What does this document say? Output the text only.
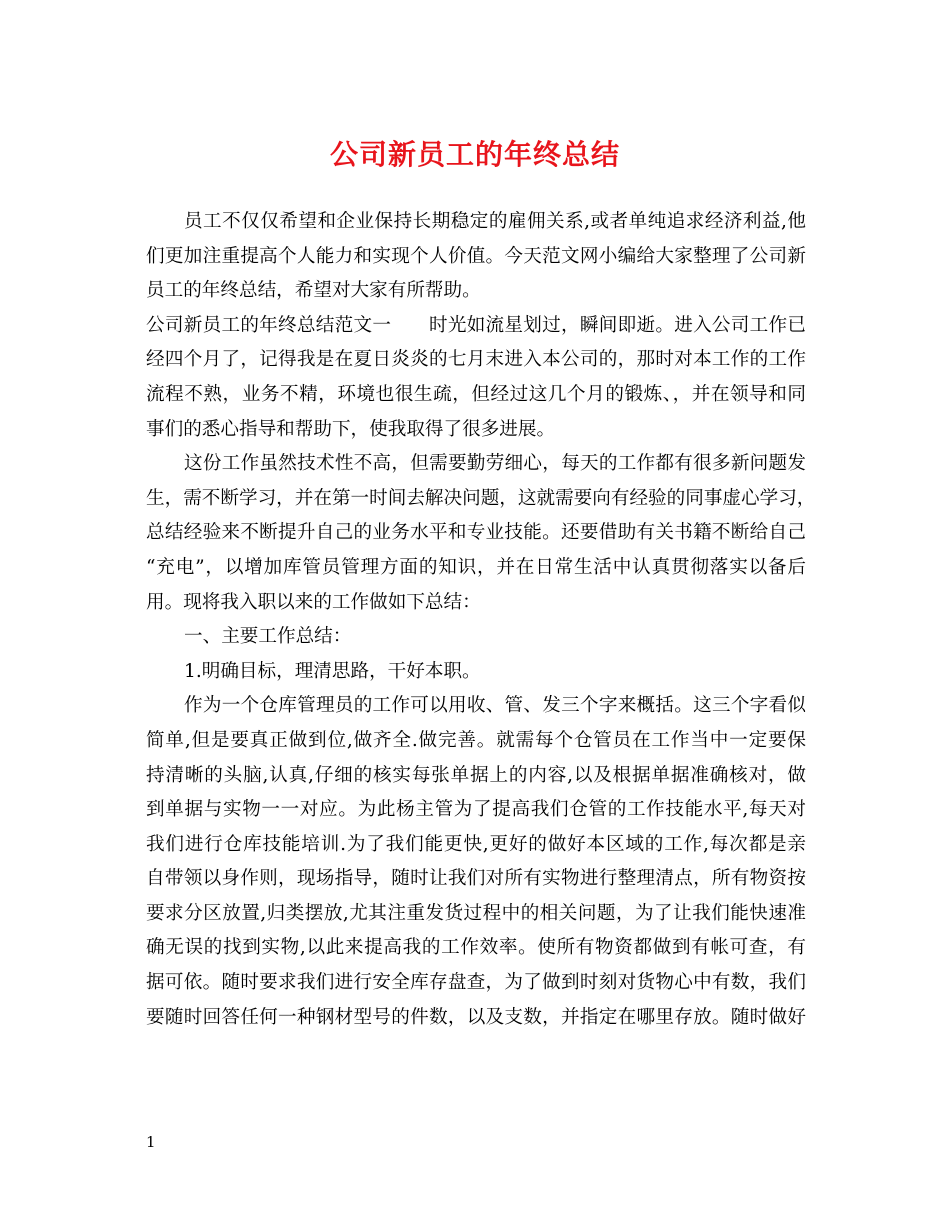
公司新员工的年终总结
员工不仅仅希望和企业保持长期稳定的雇佣关系,或者单纯追求经济利益,他
们更加注重提高个人能力和实现个人价值。今天范文网小编给大家整理了公司新
员工的年终总结，希望对大家有所帮助。
公司新员工的年终总结范文一　　时光如流星划过，瞬间即逝。进入公司工作已
经四个月了，记得我是在夏日炎炎的七月末进入本公司的，那时对本工作的工作
流程不熟，业务不精，环境也很生疏，但经过这几个月的锻炼、，并在领导和同
事们的悉心指导和帮助下，使我取得了很多进展。
这份工作虽然技术性不高，但需要勤劳细心，每天的工作都有很多新问题发
生，需不断学习，并在第一时间去解决问题，这就需要向有经验的同事虚心学习，
总结经验来不断提升自己的业务水平和专业技能。还要借助有关书籍不断给自己
“充电”，以增加库管员管理方面的知识，并在日常生活中认真贯彻落实以备后
用。现将我入职以来的工作做如下总结：
一、主要工作总结：
1.明确目标，理清思路，干好本职。
作为一个仓库管理员的工作可以用收、管、发三个字来概括。这三个字看似
简单,但是要真正做到位,做齐全.做完善。就需每个仓管员在工作当中一定要保
持清晰的头脑,认真,仔细的核实每张单据上的内容,以及根据单据准确核对，做
到单据与实物一一对应。为此杨主管为了提高我们仓管的工作技能水平,每天对
我们进行仓库技能培训.为了我们能更快,更好的做好本区域的工作,每次都是亲
自带领以身作则，现场指导，随时让我们对所有实物进行整理清点，所有物资按
要求分区放置,归类摆放,尤其注重发货过程中的相关问题，为了让我们能快速准
确无误的找到实物,以此来提高我的工作效率。使所有物资都做到有帐可查，有
据可依。随时要求我们进行安全库存盘查，为了做到时刻对货物心中有数，我们
要随时回答任何一种钢材型号的件数，以及支数，并指定在哪里存放。随时做好
1
